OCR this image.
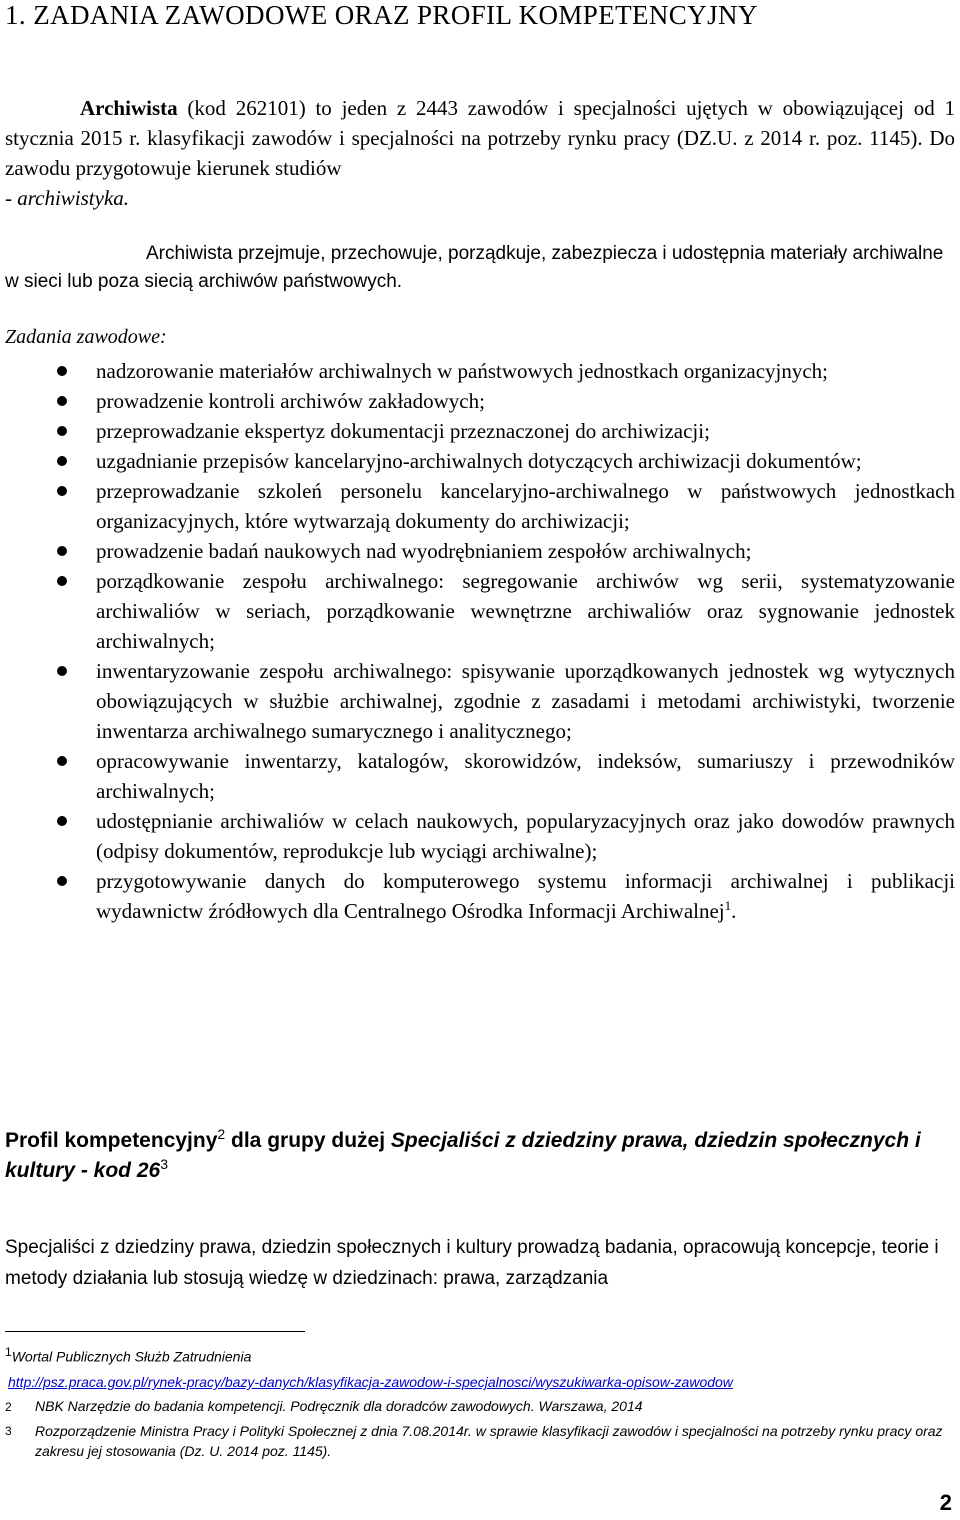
1. ZADANIA ZAWODOWE ORAZ PROFIL KOMPETENCYJNY
Archiwista (kod 262101) to jeden z 2443 zawodów i specjalności ujętych w obowiązującej od 1 stycznia 2015 r. klasyfikacji zawodów i specjalności na potrzeby rynku pracy (DZ.U. z 2014 r. poz. 1145). Do zawodu przygotowuje kierunek studiów
- archiwistyka.
Archiwista przejmuje, przechowuje, porządkuje, zabezpiecza i udostępnia materiały archiwalne w sieci lub poza siecią archiwów państwowych.
Zadania zawodowe:
nadzorowanie materiałów archiwalnych w państwowych jednostkach organizacyjnych;
prowadzenie kontroli archiwów zakładowych;
przeprowadzanie ekspertyz dokumentacji przeznaczonej do archiwizacji;
uzgadnianie przepisów kancelaryjno-archiwalnych dotyczących archiwizacji dokumentów;
przeprowadzanie szkoleń personelu kancelaryjno-archiwalnego w państwowych jednostkach organizacyjnych, które wytwarzają dokumenty do archiwizacji;
prowadzenie badań naukowych nad wyodrębnianiem zespołów archiwalnych;
porządkowanie zespołu archiwalnego: segregowanie archiwów wg serii, systematyzowanie archiwaliów w seriach, porządkowanie wewnętrzne archiwaliów oraz sygnowanie jednostek archiwalnych;
inwentaryzowanie zespołu archiwalnego: spisywanie uporządkowanych jednostek wg wytycznych obowiązujących w służbie archiwalnej, zgodnie z zasadami i metodami archiwistyki, tworzenie inwentarza archiwalnego sumarycznego i analitycznego;
opracowywanie inwentarzy, katalogów, skorowidzów, indeksów, sumariuszy i przewodników archiwalnych;
udostępnianie archiwaliów w celach naukowych, popularyzacyjnych oraz jako dowodów prawnych (odpisy dokumentów, reprodukcje lub wyciągi archiwalne);
przygotowywanie danych do komputerowego systemu informacji archiwalnej i publikacji wydawnictw źródłowych dla Centralnego Ośrodka Informacji Archiwalnej$^1$.
Profil kompetencyjny$^2$ dla grupy dużej Specjaliści z dziedziny prawa, dziedzin społecznych i kultury - kod $26^3$
Specjaliści z dziedziny prawa, dziedzin społecznych i kultury prowadzą badania, opracowują koncepcje, teorie i metody działania lub stosują wiedzę w dziedzinach: prawa, zarządzania
1Wortal Publicznych Służb Zatrudnienia
http://psz.praca.gov.pl/rynek-pracy/bazy-danych/klasyfikacja-zawodow-i-specjalnosci/wyszukiwarka-opisow-zawodow
2 NBK Narzędzie do badania kompetencji. Podręcznik dla doradców zawodowych. Warszawa, 2014
3 Rozporządzenie Ministra Pracy i Polityki Społecznej z dnia 7.08.2014r. w sprawie klasyfikacji zawodów i specjalności na potrzeby rynku pracy oraz zakresu jej stosowania (Dz. U. 2014 poz. 1145).
2
